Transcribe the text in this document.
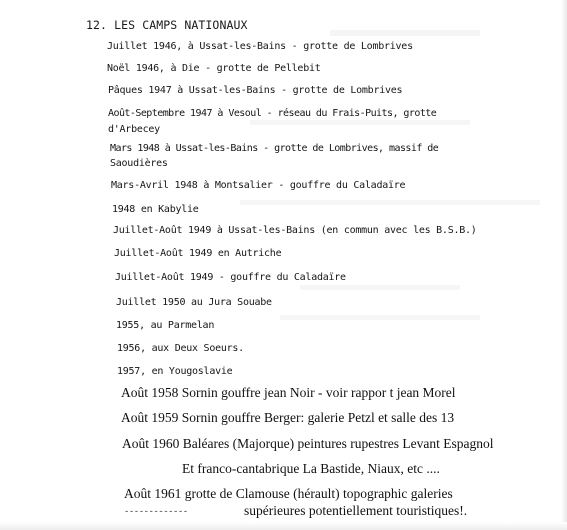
12. LES CAMPS NATIONAUX
Juillet 1946, à Ussat-les-Bains - grotte de Lombrives
Noël 1946, à Die - grotte de Pellebit
Pâques 1947 à Ussat-les-Bains - grotte de Lombrives
Août-Septembre 1947 à Vesoul - réseau du Frais-Puits, grotte
d'Arbecey
Mars 1948 à Ussat-les-Bains - grotte de Lombrives, massif de
Saoudières
Mars-Avril 1948 à Montsalier - gouffre du Caladaïre
1948 en Kabylie
Juillet-Août 1949 à Ussat-les-Bains (en commun avec les B.S.B.)
Juillet-Août 1949 en Autriche
Juillet-Août 1949 - gouffre du Caladaïre
Juillet 1950 au Jura Souabe
1955, au Parmelan
1956, aux Deux Soeurs.
1957, en Yougoslavie
Août 1958 Sornin gouffre jean Noir - voir rappor t jean Morel
Août 1959 Sornin gouffre Berger: galerie Petzl et salle des 13
Août 1960 Baléares (Majorque) peintures rupestres Levant Espagnol
Et franco-cantabrique La Bastide, Niaux, etc ....
Août 1961 grotte de Clamouse (hérault) topographic galeries
supérieures potentiellement touristiques!.
-------------
